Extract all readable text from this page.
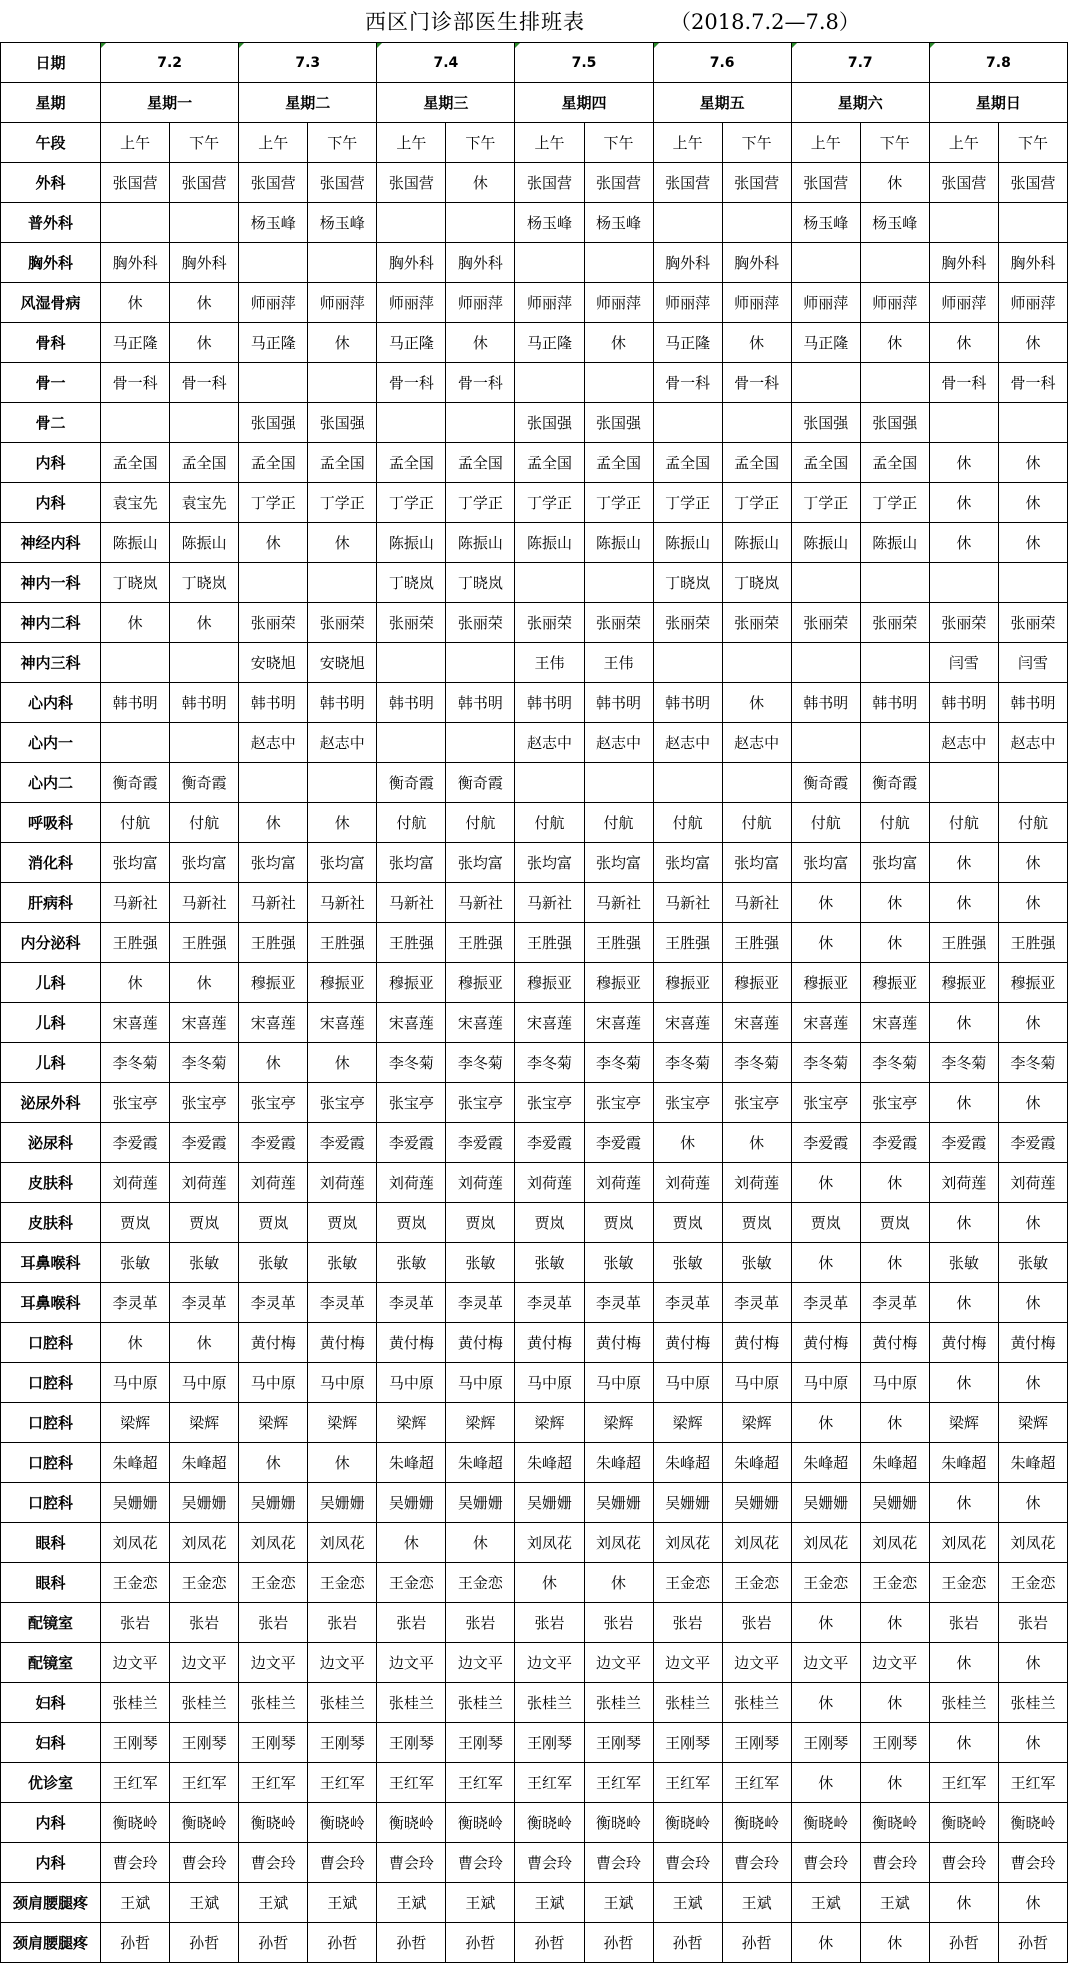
西区门诊部医生排班表	（2018.7.2—7.8）
日期	7.2		7.3		7.4		7.5		7.6		7.7		7.8	
星期	星期一		星期二		星期三		星期四		星期五		星期六		星期日	
午段	上午	下午	上午	下午	上午	下午	上午	下午	上午	下午	上午	下午	上午	下午
外科	张国营	张国营	张国营	张国营	张国营	休	张国营	张国营	张国营	张国营	张国营	休	张国营	张国营
普外科			杨玉峰	杨玉峰			杨玉峰	杨玉峰			杨玉峰	杨玉峰		
胸外科	胸外科	胸外科			胸外科	胸外科			胸外科	胸外科			胸外科	胸外科
风湿骨病	休	休	师丽萍	师丽萍	师丽萍	师丽萍	师丽萍	师丽萍	师丽萍	师丽萍	师丽萍	师丽萍	师丽萍	师丽萍
骨科	马正隆	休	马正隆	休	马正隆	休	马正隆	休	马正隆	休	马正隆	休	休	休
骨一	骨一科	骨一科			骨一科	骨一科			骨一科	骨一科			骨一科	骨一科
骨二			张国强	张国强			张国强	张国强			张国强	张国强		
内科	孟全国	孟全国	孟全国	孟全国	孟全国	孟全国	孟全国	孟全国	孟全国	孟全国	孟全国	孟全国	休	休
内科	袁宝先	袁宝先	丁学正	丁学正	丁学正	丁学正	丁学正	丁学正	丁学正	丁学正	丁学正	丁学正	休	休
神经内科	陈振山	陈振山	休	休	陈振山	陈振山	陈振山	陈振山	陈振山	陈振山	陈振山	陈振山	休	休
神内一科	丁晓岚	丁晓岚			丁晓岚	丁晓岚			丁晓岚	丁晓岚				
神内二科	休	休	张丽荣	张丽荣	张丽荣	张丽荣	张丽荣	张丽荣	张丽荣	张丽荣	张丽荣	张丽荣	张丽荣	张丽荣
神内三科			安晓旭	安晓旭			王伟	王伟					闫雪	闫雪
心内科	韩书明	韩书明	韩书明	韩书明	韩书明	韩书明	韩书明	韩书明	韩书明	休	韩书明	韩书明	韩书明	韩书明
心内一			赵志中	赵志中			赵志中	赵志中	赵志中	赵志中			赵志中	赵志中
心内二	衡奇霞	衡奇霞			衡奇霞	衡奇霞					衡奇霞	衡奇霞		
呼吸科	付航	付航	休	休	付航	付航	付航	付航	付航	付航	付航	付航	付航	付航
消化科	张均富	张均富	张均富	张均富	张均富	张均富	张均富	张均富	张均富	张均富	张均富	张均富	休	休
肝病科	马新社	马新社	马新社	马新社	马新社	马新社	马新社	马新社	马新社	马新社	休	休	休	休
内分泌科	王胜强	王胜强	王胜强	王胜强	王胜强	王胜强	王胜强	王胜强	王胜强	王胜强	休	休	王胜强	王胜强
儿科	休	休	穆振亚	穆振亚	穆振亚	穆振亚	穆振亚	穆振亚	穆振亚	穆振亚	穆振亚	穆振亚	穆振亚	穆振亚
儿科	宋喜莲	宋喜莲	宋喜莲	宋喜莲	宋喜莲	宋喜莲	宋喜莲	宋喜莲	宋喜莲	宋喜莲	宋喜莲	宋喜莲	休	休
儿科	李冬菊	李冬菊	休	休	李冬菊	李冬菊	李冬菊	李冬菊	李冬菊	李冬菊	李冬菊	李冬菊	李冬菊	李冬菊
泌尿外科	张宝亭	张宝亭	张宝亭	张宝亭	张宝亭	张宝亭	张宝亭	张宝亭	张宝亭	张宝亭	张宝亭	张宝亭	休	休
泌尿科	李爱霞	李爱霞	李爱霞	李爱霞	李爱霞	李爱霞	李爱霞	李爱霞	休	休	李爱霞	李爱霞	李爱霞	李爱霞
皮肤科	刘荷莲	刘荷莲	刘荷莲	刘荷莲	刘荷莲	刘荷莲	刘荷莲	刘荷莲	刘荷莲	刘荷莲	休	休	刘荷莲	刘荷莲
皮肤科	贾岚	贾岚	贾岚	贾岚	贾岚	贾岚	贾岚	贾岚	贾岚	贾岚	贾岚	贾岚	休	休
耳鼻喉科	张敏	张敏	张敏	张敏	张敏	张敏	张敏	张敏	张敏	张敏	休	休	张敏	张敏
耳鼻喉科	李灵革	李灵革	李灵革	李灵革	李灵革	李灵革	李灵革	李灵革	李灵革	李灵革	李灵革	李灵革	休	休
口腔科	休	休	黄付梅	黄付梅	黄付梅	黄付梅	黄付梅	黄付梅	黄付梅	黄付梅	黄付梅	黄付梅	黄付梅	黄付梅
口腔科	马中原	马中原	马中原	马中原	马中原	马中原	马中原	马中原	马中原	马中原	马中原	马中原	休	休
口腔科	梁辉	梁辉	梁辉	梁辉	梁辉	梁辉	梁辉	梁辉	梁辉	梁辉	休	休	梁辉	梁辉
口腔科	朱峰超	朱峰超	休	休	朱峰超	朱峰超	朱峰超	朱峰超	朱峰超	朱峰超	朱峰超	朱峰超	朱峰超	朱峰超
口腔科	吴姗姗	吴姗姗	吴姗姗	吴姗姗	吴姗姗	吴姗姗	吴姗姗	吴姗姗	吴姗姗	吴姗姗	吴姗姗	吴姗姗	休	休
眼科	刘凤花	刘凤花	刘凤花	刘凤花	休	休	刘凤花	刘凤花	刘凤花	刘凤花	刘凤花	刘凤花	刘凤花	刘凤花
眼科	王金恋	王金恋	王金恋	王金恋	王金恋	王金恋	休	休	王金恋	王金恋	王金恋	王金恋	王金恋	王金恋
配镜室	张岩	张岩	张岩	张岩	张岩	张岩	张岩	张岩	张岩	张岩	休	休	张岩	张岩
配镜室	边文平	边文平	边文平	边文平	边文平	边文平	边文平	边文平	边文平	边文平	边文平	边文平	休	休
妇科	张桂兰	张桂兰	张桂兰	张桂兰	张桂兰	张桂兰	张桂兰	张桂兰	张桂兰	张桂兰	休	休	张桂兰	张桂兰
妇科	王刚琴	王刚琴	王刚琴	王刚琴	王刚琴	王刚琴	王刚琴	王刚琴	王刚琴	王刚琴	王刚琴	王刚琴	休	休
优诊室	王红军	王红军	王红军	王红军	王红军	王红军	王红军	王红军	王红军	王红军	休	休	王红军	王红军
内科	衡晓岭	衡晓岭	衡晓岭	衡晓岭	衡晓岭	衡晓岭	衡晓岭	衡晓岭	衡晓岭	衡晓岭	衡晓岭	衡晓岭	衡晓岭	衡晓岭
内科	曹会玲	曹会玲	曹会玲	曹会玲	曹会玲	曹会玲	曹会玲	曹会玲	曹会玲	曹会玲	曹会玲	曹会玲	曹会玲	曹会玲
颈肩腰腿疼	王斌	王斌	王斌	王斌	王斌	王斌	王斌	王斌	王斌	王斌	王斌	王斌	休	休
颈肩腰腿疼	孙哲	孙哲	孙哲	孙哲	孙哲	孙哲	孙哲	孙哲	孙哲	孙哲	休	休	孙哲	孙哲
